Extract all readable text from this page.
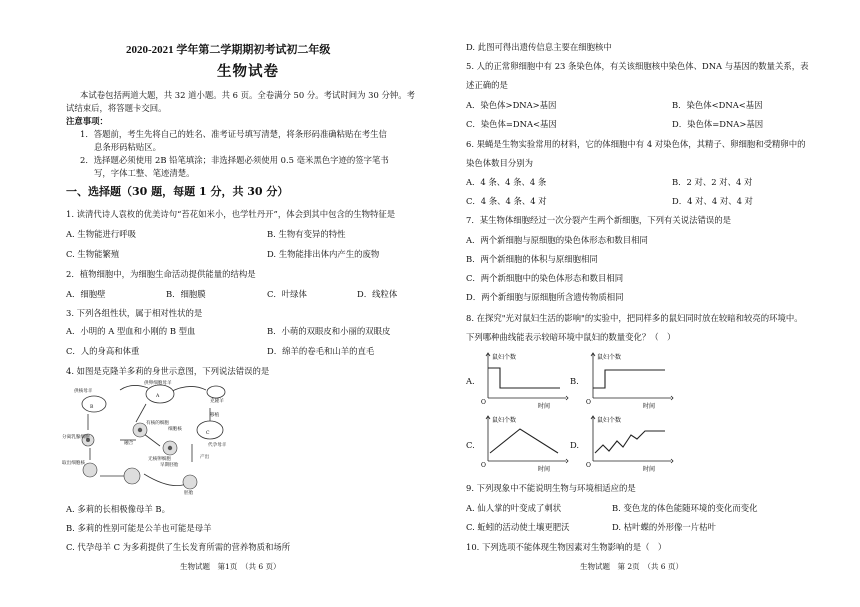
2020-2021 学年第二学期期初考试初二年级
生物试卷
本试卷包括两道大题，共 32 道小题。共 6 页。全卷满分 50 分。考试时间为 30 分钟。考
试结束后，将答题卡交回。
注意事项：
1．答题前，考生先将自己的姓名、准考证号填写清楚，将条形码准确粘贴在考生信
息条形码粘贴区。
2．选择题必须使用 2B 铅笔填涂；非选择题必须使用 0.5 毫米黑色字迹的签字笔书
写，字体工整、笔迹清楚。
一、选择题（30 题，每题 1 分，共 30 分）
1. 读清代诗人袁枚的优美诗句“苔花如米小，也学牡丹开”，体会到其中包含的生物特征是
A. 生物能进行呼吸	B. 生物有变异的特性
C. 生物能繁殖	D. 生物能排出体内产生的废物
2．植物细胞中，为细胞生命活动提供能量的结构是
A．细胞壁	B．细胞膜	C．叶绿体	D．线粒体
3. 下列各组性状，属于相对性状的是
A．小明的 A 型血和小刚的 B 型血	B．小萌的双眼皮和小丽的双眼皮
C．人的身高和体重	D．绵羊的卷毛和山羊的直毛
4. 如图是克隆羊多莉的身世示意图，下列说法错误的是
供卵细胞母羊
供核母羊
A
克隆羊
有核的细胞
分离乳腺细胞
细胞核
融合
取出细胞核
无核卵细胞
早期胚胎
移植
C
代孕母羊
胚胎
产出
B
A. 多莉的长相极像母羊 B。
B. 多莉的性别可能是公羊也可能是母羊
C. 代孕母羊 C 为多莉提供了生长发育所需的营养物质和场所
生物试题　第1页　（共 6 页）
D. 此图可得出遗传信息主要在细胞核中
5. 人的正常卵细胞中有 23 条染色体，有关该细胞核中染色体、DNA 与基因的数量关系，表
述正确的是
A．染色体>DNA>基因	B．染色体<DNA<基因
C．染色体=DNA<基因	D．染色体=DNA>基因
6. 果蝇是生物实验常用的材料，它的体细胞中有 4 对染色体，其精子、卵细胞和受精卵中的
染色体数目分别为
A．4 条、4 条、4 条	B．2 对、2 对、4 对
C．4 条、4 条、4 对	D．4 对、4 对、4 对
7．某生物体细胞经过一次分裂产生两个新细胞，下列有关说法错误的是
A．两个新细胞与原细胞的染色体形态和数目相同
B．两个新细胞的体积与原细胞相同
C．两个新细胞中的染色体形态和数目相同
D．两个新细胞与原细胞所含遗传物质相同
8. 在探究"光对鼠妇生活的影响"的实验中，把同样多的鼠妇同时放在较暗和较亮的环境中。
下列哪种曲线能表示较暗环境中鼠妇的数量变化？（　）
A.
鼠妇个数
时间
O
B.
鼠妇个数
时间
O
C.
鼠妇个数
时间
O
D.
鼠妇个数
时间
O
9. 下列现象中不能说明生物与环境相适应的是
A. 仙人掌的叶变成了刺状	B. 变色龙的体色能随环境的变化而变化
C. 蚯蚓的活动使土壤更肥沃	D. 枯叶蝶的外形像一片枯叶
10. 下列选项不能体现生物因素对生物影响的是（　）
生物试题　第 2页　（共 6 页）
